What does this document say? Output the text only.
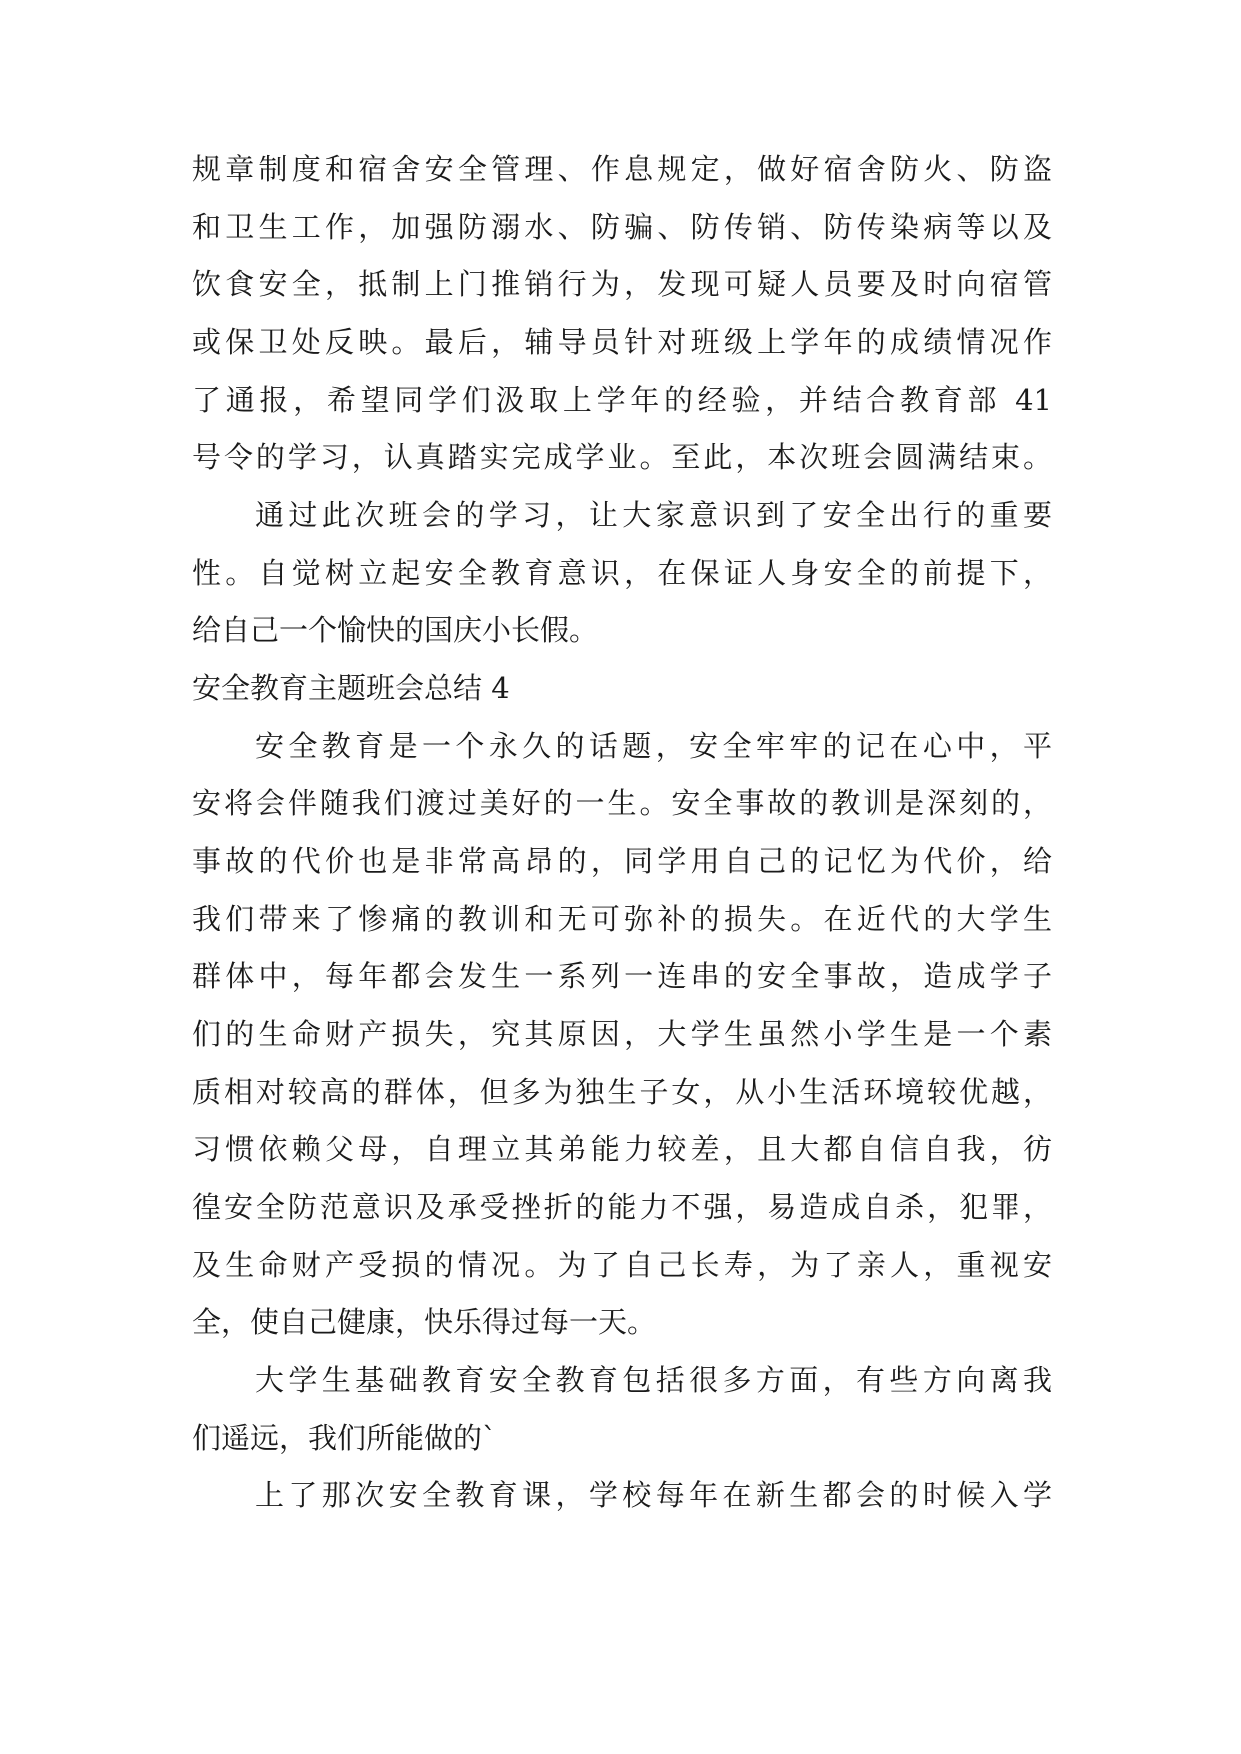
规章制度和宿舍安全管理、作息规定，做好宿舍防火、防盗
和卫生工作，加强防溺水、防骗、防传销、防传染病等以及
饮食安全，抵制上门推销行为，发现可疑人员要及时向宿管
或保卫处反映。最后，辅导员针对班级上学年的成绩情况作
了通报，希望同学们汲取上学年的经验，并结合教育部 41
号令的学习，认真踏实完成学业。至此，本次班会圆满结束。
通过此次班会的学习，让大家意识到了安全出行的重要
性。自觉树立起安全教育意识，在保证人身安全的前提下，
给自己一个愉快的国庆小长假。
安全教育主题班会总结 4
安全教育是一个永久的话题，安全牢牢的记在心中，平
安将会伴随我们渡过美好的一生。安全事故的教训是深刻的，
事故的代价也是非常高昂的，同学用自己的记忆为代价，给
我们带来了惨痛的教训和无可弥补的损失。在近代的大学生
群体中，每年都会发生一系列一连串的安全事故，造成学子
们的生命财产损失，究其原因，大学生虽然小学生是一个素
质相对较高的群体，但多为独生子女，从小生活环境较优越，
习惯依赖父母，自理立其弟能力较差，且大都自信自我，彷
徨安全防范意识及承受挫折的能力不强，易造成自杀，犯罪，
及生命财产受损的情况。为了自己长寿，为了亲人，重视安
全，使自己健康，快乐得过每一天。
大学生基础教育安全教育包括很多方面，有些方向离我
们遥远，我们所能做的`
上了那次安全教育课，学校每年在新生都会的时候入学
